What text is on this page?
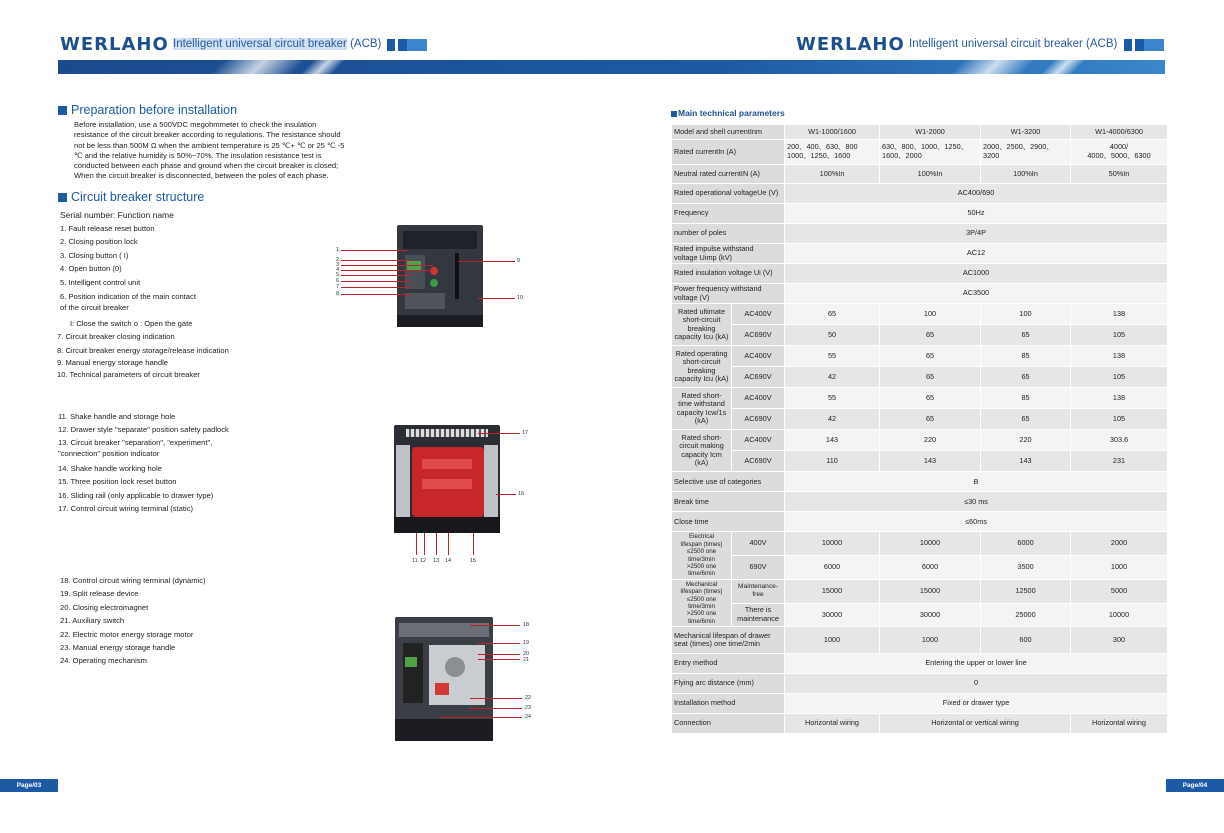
WERLAHO Intelligent universal circuit breaker (ACB)	WERLAHO Intelligent universal circuit breaker (ACB)
Preparation before installation
Before installation, use a 500VDC megohmmeter to check the insulation
resistance of the circuit breaker according to regulations. The resistance should
not be less than 500M Ω when the ambient temperature is 25 ℃+ ℃ or 25 ℃ -5
℃ and the relative humidity is 50%~70%. The insulation resistance test is
conducted between each phase and ground when the circuit breaker is closed;
When the circuit breaker is disconnected, between the poles of each phase.
Circuit breaker structure
Serial number: Function name
1. Fault release reset button
2. Closing position lock
3. Closing button ( I)
4. Open button (0)
5. Intelligent control unit
6. Position indication of the main contact
of the circuit breaker
I: Close the switch o : Open the gate
7. Circuit breaker closing indication
8. Circuit breaker energy storage/release indication
9. Manual energy storage handle
10. Technical parameters of circuit breaker
11. Shake handle and storage hole
12. Drawer style "separate" position safety padlock
13. Circuit breaker "separation", "experiment",
"connection" position indicator
14. Shake handle working hole
15. Three position lock reset button
16. Sliding rail (only applicable to drawer type)
17. Control circuit wiring terminal (static)
18. Control circuit wiring terminal (dynamic)
19. Split release device
20. Closing electromagnet
21. Auxiliary switch
22. Electric motor energy storage motor
23. Manual energy storage handle
24. Operating mechanism
1
2
3
4
5
6
7
8
9
10
17
16
11 12 13 14	15
18
19
20
21
22
23
24
Page/03
Main technical parameters
Model and shell currentInm		W1-1000/1600	W1-2000	W1-3200	W1-4000/6300
Rated currentIn (A)		200、400、630、800
1000、1250、1600	630、800、1000、1250、
1600、2000	2000、2500、2900、
3200	4000/
4000、5000、6300
Neutral rated currentIN (A)		100%In	100%In	100%In	50%In
Rated operational voltageUe (V)		AC400/690			
Frequency		50Hz			
number of poles		3P/4P			
Rated impulse withstand
voltage Uimp (kV)		AC12			
Rated insulation voltage Ui (V)		AC1000			
Power frequency withstand
voltage (V)		AC3500			
Rated ultimate
short-circuit
breaking
capacity Icu (kA)	AC400V	65	100	100	138
	AC690V	50	65	65	105
Rated operating
short-circuit
breaking
capacity Icu (kA)	AC400V	55	65	85	138
	AC690V	42	65	65	105
Rated short-
time withstand
capacity Icw/1s
(kA)	AC400V	55	65	85	138
	AC690V	42	65	65	105
Rated short-
circuit making
capacity Icm (kA)	AC400V	143	220	220	303.6
	AC690V	110	143	143	231
Selective use of categories		B			
Break time		≤30 ms			
Close time		≤60ms			
Electrical
lifespan (times)
≤2500 one time/3min
>2500 one time/6min	400V	10000	10000	6000	2000
	690V	6000	6000	3500	1000
Mechanical
lifespan (times)
≤2500 one time/3min
>2500 one time/6min	Maintenance-free	15000	15000	12500	5000
	There is
maintenance	30000	30000	25000	10000
Mechanical lifespan of drawer
seat (times) one time/2min		1000	1000	600	300
Entry method		Entering the upper or lower line			
Flying arc distance (mm)		0			
Installation method		Fixed or drawer type			
Connection		Horizontal wiring	Horizontal or vertical wiring		Horizontal wiring
Page/04
